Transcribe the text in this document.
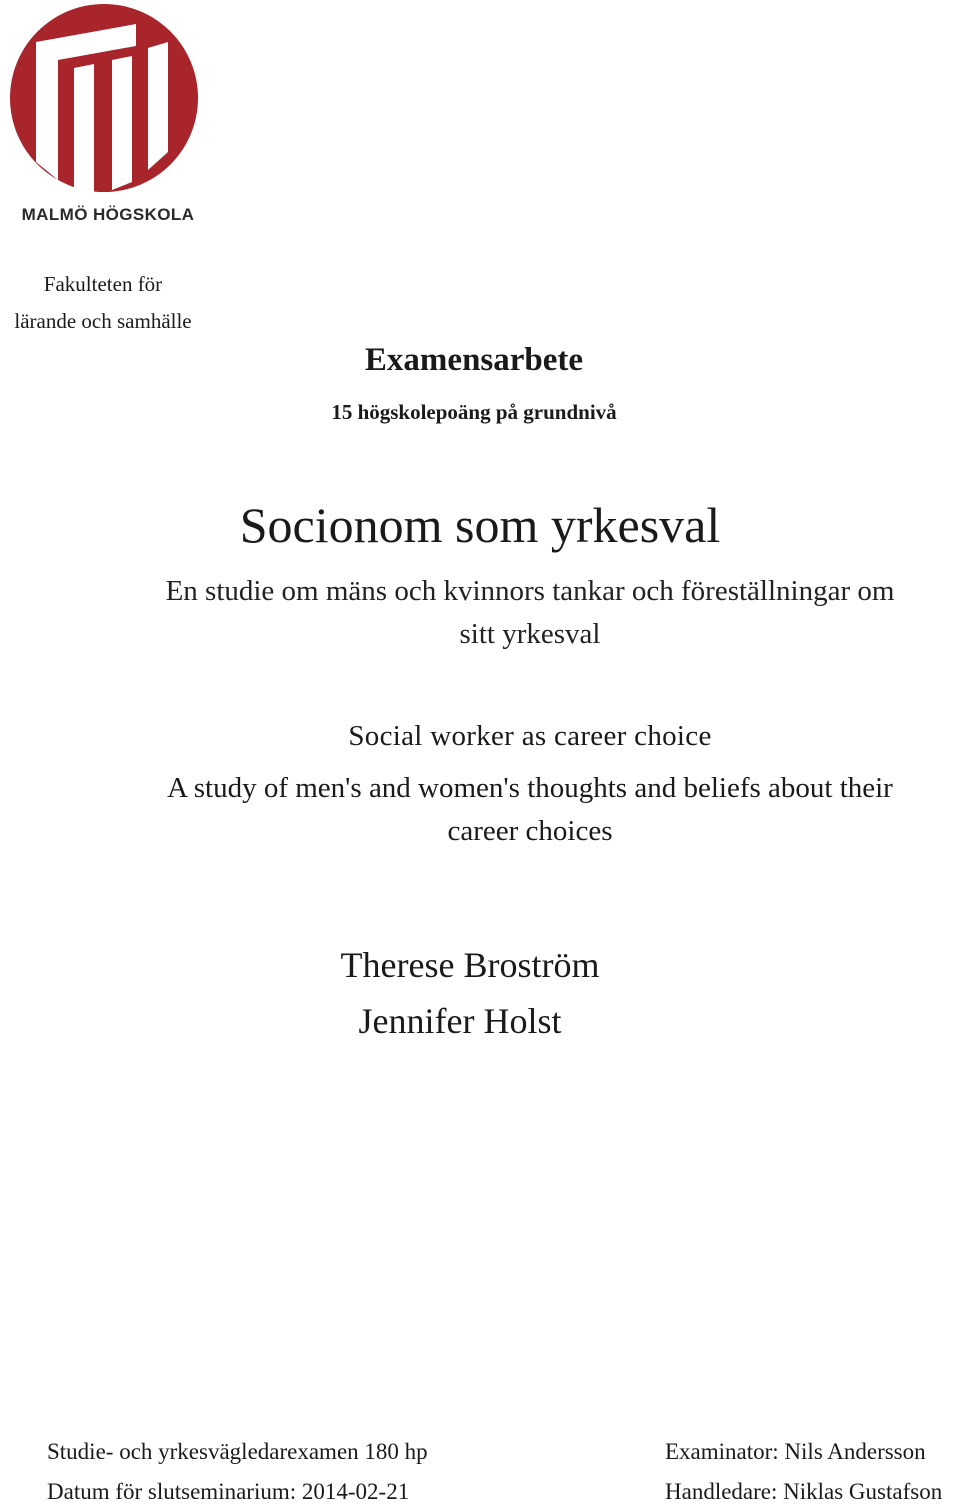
MALMÖ HÖGSKOLA
Fakulteten för
lärande och samhälle
Examensarbete
15 högskolepoäng på grundnivå
Socionom som yrkesval
En studie om mäns och kvinnors tankar och föreställningar om
sitt yrkesval
Social worker as career choice
A study of men's and women's thoughts and beliefs about their
career choices
Therese Broström
Jennifer Holst
Studie- och yrkesvägledarexamen 180 hp
Datum för slutseminarium: 2014-02-21
Examinator: Nils Andersson
Handledare: Niklas Gustafson
